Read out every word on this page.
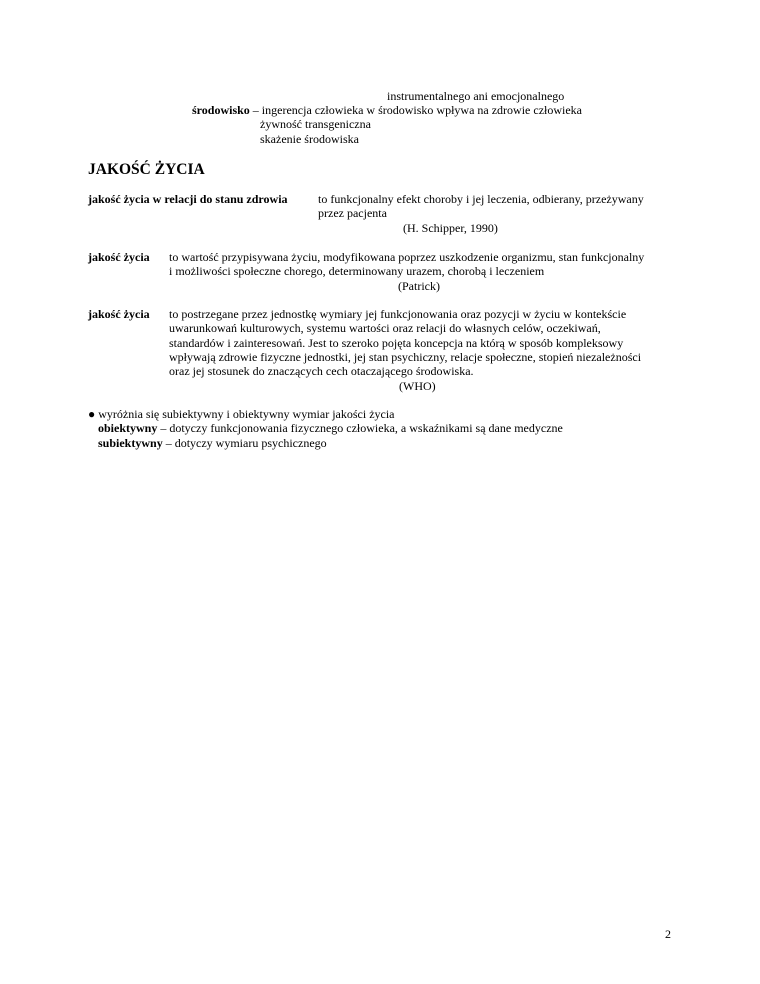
instrumentalnego ani emocjonalnego
środowisko – ingerencja człowieka w środowisko wpływa na zdrowie człowieka
żywność transgeniczna
skażenie środowiska
JAKOŚĆ ŻYCIA
jakość życia w relacji do stanu zdrowia	to funkcjonalny efekt choroby i jej leczenia, odbierany, przeżywany
przez pacjenta
(H. Schipper, 1990)
jakość życia to wartość przypisywana życiu, modyfikowana poprzez uszkodzenie organizmu, stan funkcjonalny
i możliwości społeczne chorego, determinowany urazem, chorobą i leczeniem
(Patrick)
jakość życia to postrzegane przez jednostkę wymiary jej funkcjonowania oraz pozycji w życiu w kontekście
uwarunkowań kulturowych, systemu wartości oraz relacji do własnych celów, oczekiwań,
standardów i zainteresowań. Jest to szeroko pojęta koncepcja na którą w sposób kompleksowy
wpływają zdrowie fizyczne jednostki, jej stan psychiczny, relacje społeczne, stopień niezależności
oraz jej stosunek do znaczących cech otaczającego środowiska.
(WHO)
● wyróżnia się subiektywny i obiektywny wymiar jakości życia
obiektywny – dotyczy funkcjonowania fizycznego człowieka, a wskaźnikami są dane medyczne
subiektywny – dotyczy wymiaru psychicznego
2
